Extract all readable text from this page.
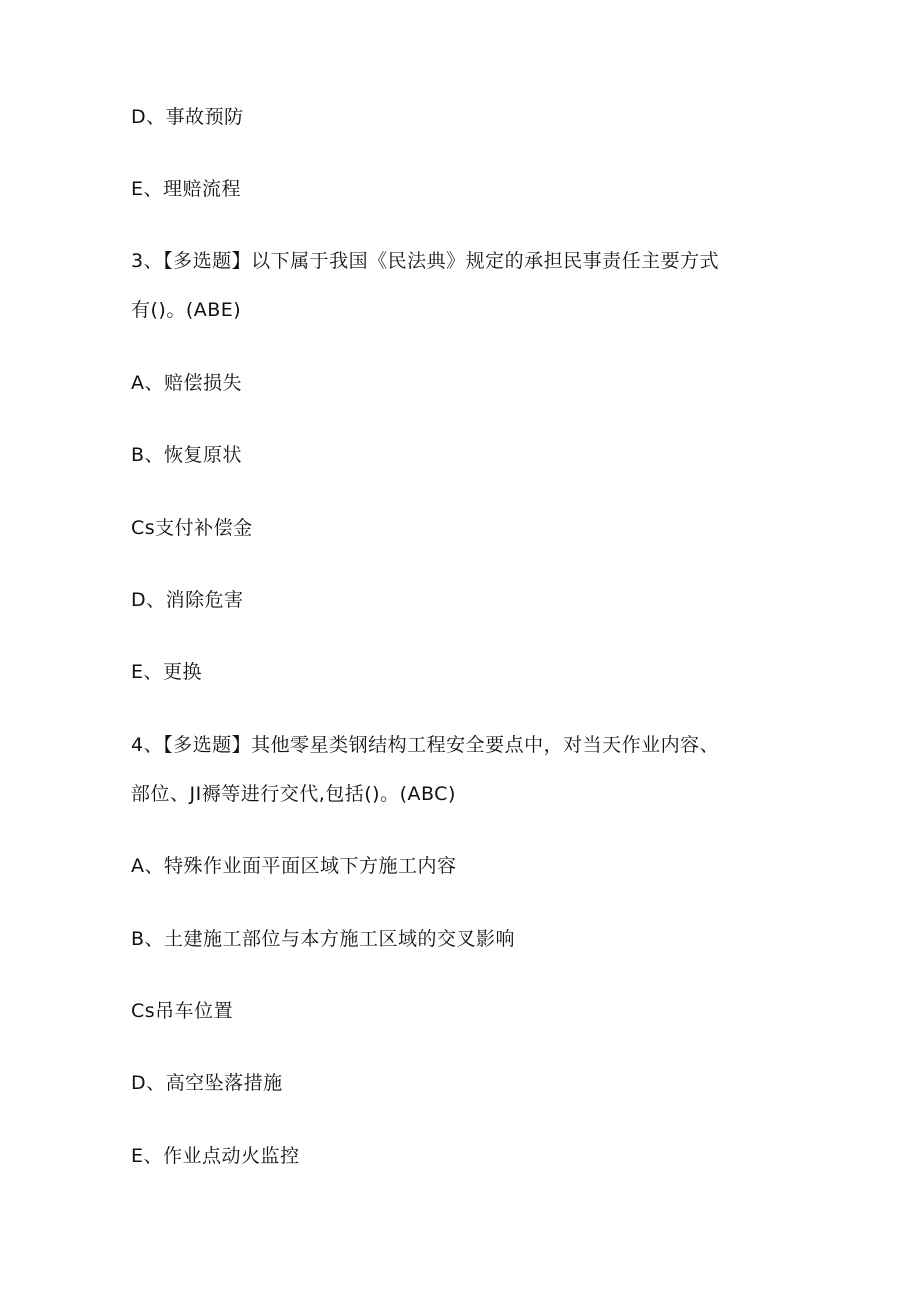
D、事故预防
E、理赔流程
3、【多选题】以下属于我国《民法典》规定的承担民事责任主要方式
有()。(ABE)
A、赔偿损失
B、恢复原状
Cs支付补偿金
D、消除危害
E、更换
4、【多选题】其他零星类钢结构工程安全要点中，对当天作业内容、
部位、JI褥等进行交代,包括()。(ABC)
A、特殊作业面平面区域下方施工内容
B、土建施工部位与本方施工区域的交叉影响
Cs吊车位置
D、高空坠落措施
E、作业点动火监控
